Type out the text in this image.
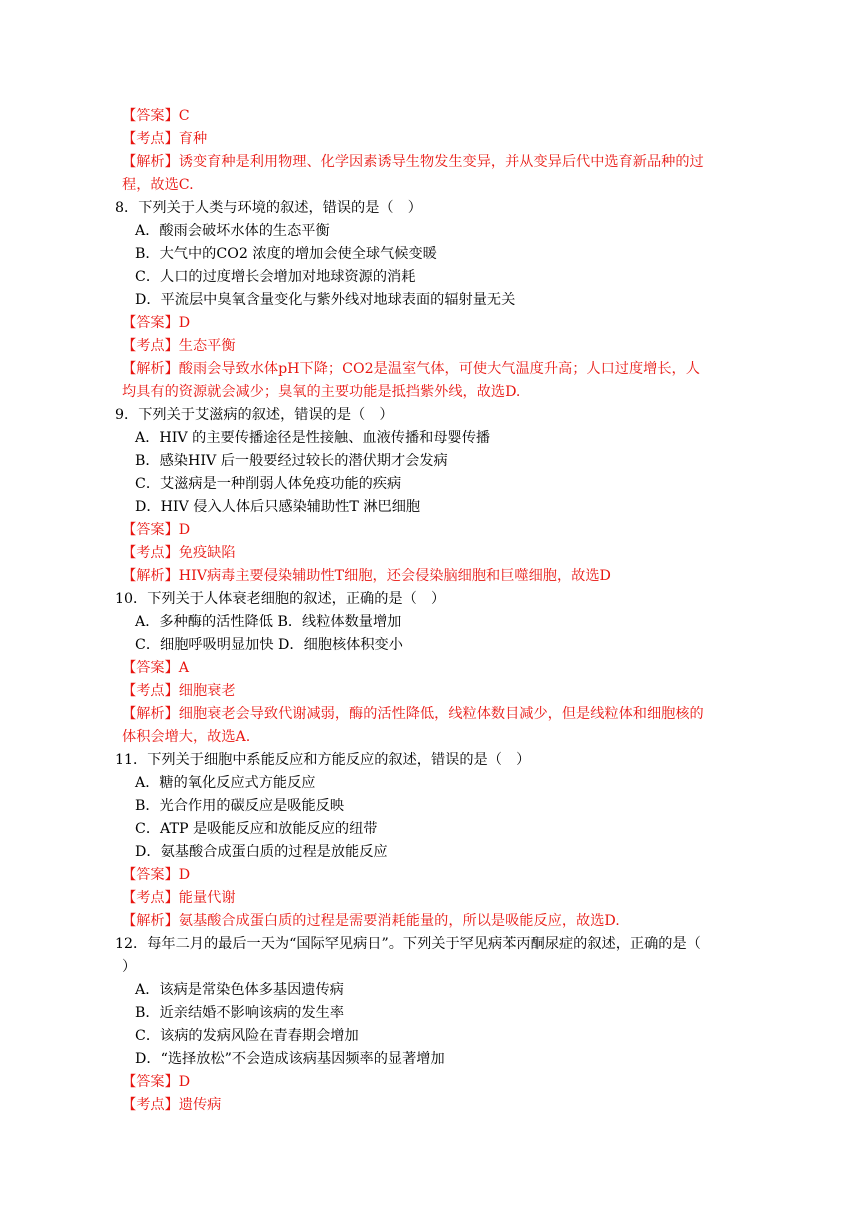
【答案】C
【考点】育种
【解析】诱变育种是利用物理、化学因素诱导生物发生变异，并从变异后代中选育新品种的过
程，故选C.
8．下列关于人类与环境的叙述，错误的是（　）
A．酸雨会破坏水体的生态平衡
B．大气中的CO2 浓度的增加会使全球气候变暖
C．人口的过度增长会增加对地球资源的消耗
D．平流层中臭氧含量变化与紫外线对地球表面的辐射量无关
【答案】D
【考点】生态平衡
【解析】酸雨会导致水体pH下降；CO2是温室气体，可使大气温度升高；人口过度增长，人
均具有的资源就会减少；臭氧的主要功能是抵挡紫外线，故选D.
9．下列关于艾滋病的叙述，错误的是（　）
A．HIV 的主要传播途径是性接触、血液传播和母婴传播
B．感染HIV 后一般要经过较长的潜伏期才会发病
C．艾滋病是一种削弱人体免疫功能的疾病
D．HIV 侵入人体后只感染辅助性T 淋巴细胞
【答案】D
【考点】免疫缺陷
【解析】HIV病毒主要侵染辅助性T细胞，还会侵染脑细胞和巨噬细胞，故选D
10．下列关于人体衰老细胞的叙述，正确的是（　）
A．多种酶的活性降低 B．线粒体数量增加
C．细胞呼吸明显加快 D．细胞核体积变小
【答案】A
【考点】细胞衰老
【解析】细胞衰老会导致代谢减弱，酶的活性降低，线粒体数目减少，但是线粒体和细胞核的
体积会增大，故选A.
11．下列关于细胞中系能反应和方能反应的叙述，错误的是（　）
A．糖的氧化反应式方能反应
B．光合作用的碳反应是吸能反映
C．ATP 是吸能反应和放能反应的纽带
D．氨基酸合成蛋白质的过程是放能反应
【答案】D
【考点】能量代谢
【解析】氨基酸合成蛋白质的过程是需要消耗能量的，所以是吸能反应，故选D.
12．每年二月的最后一天为“国际罕见病日”。下列关于罕见病苯丙酮尿症的叙述，正确的是（
）
A．该病是常染色体多基因遗传病
B．近亲结婚不影响该病的发生率
C．该病的发病风险在青春期会增加
D．“选择放松”不会造成该病基因频率的显著增加
【答案】D
【考点】遗传病
